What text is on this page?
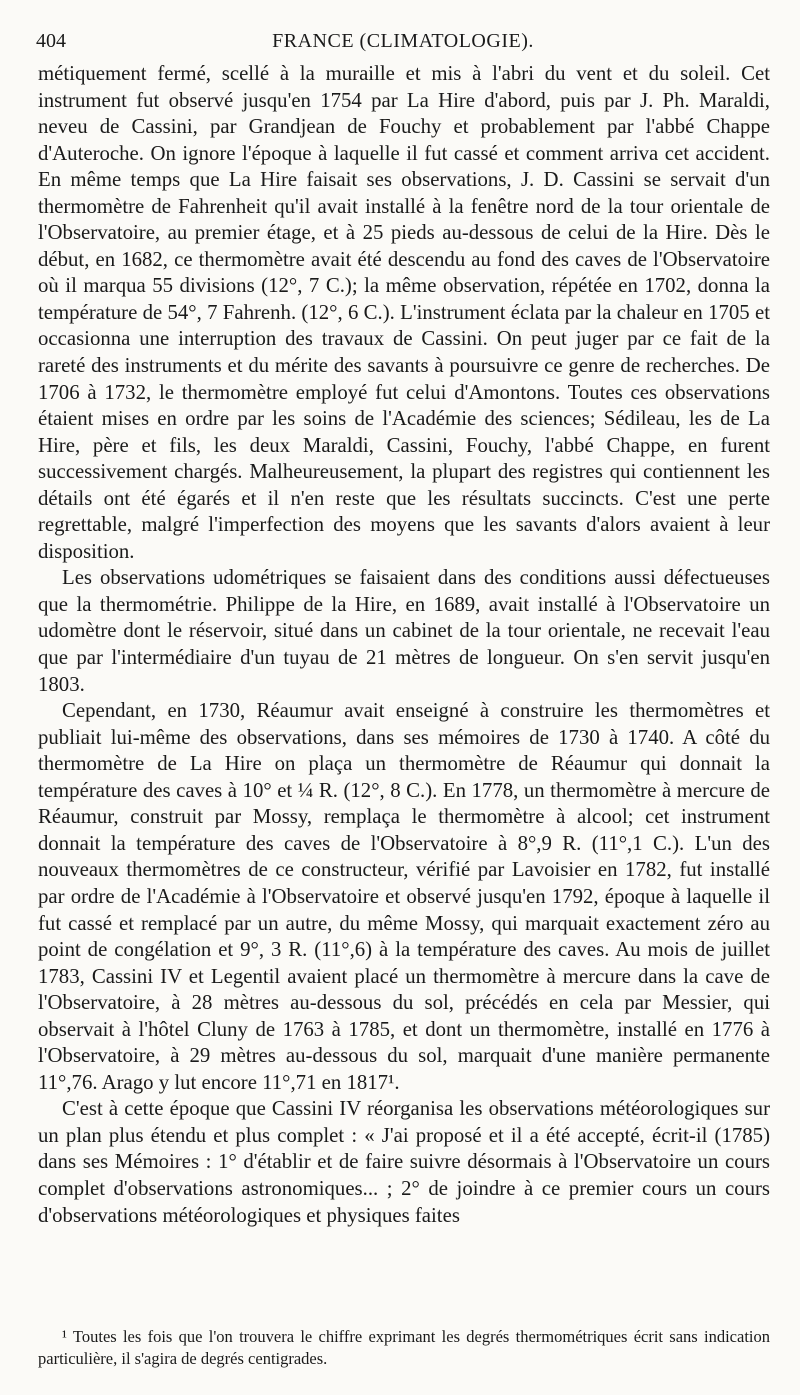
404	FRANCE (CLIMATOLOGIE).

métiquement fermé, scellé à la muraille et mis à l'abri du vent et du soleil. Cet instrument fut observé jusqu'en 1754 par La Hire d'abord, puis par J. Ph. Maraldi, neveu de Cassini, par Grandjean de Fouchy et probablement par l'abbé Chappe d'Auteroche. On ignore l'époque à laquelle il fut cassé et comment arriva cet accident. En même temps que La Hire faisait ses observations, J. D. Cassini se servait d'un thermomètre de Fahrenheit qu'il avait installé à la fenêtre nord de la tour orientale de l'Observatoire, au premier étage, et à 25 pieds au-dessous de celui de la Hire. Dès le début, en 1682, ce thermomètre avait été descendu au fond des caves de l'Observatoire où il marqua 55 divisions (12°, 7 C.); la même observation, répétée en 1702, donna la température de 54°, 7 Fahrenh. (12°, 6 C.). L'instrument éclata par la chaleur en 1705 et occasionna une interruption des travaux de Cassini. On peut juger par ce fait de la rareté des instruments et du mérite des savants à poursuivre ce genre de recherches. De 1706 à 1732, le thermomètre employé fut celui d'Amontons. Toutes ces observations étaient mises en ordre par les soins de l'Académie des sciences; Sédileau, les de La Hire, père et fils, les deux Maraldi, Cassini, Fouchy, l'abbé Chappe, en furent successivement chargés. Malheureusement, la plupart des registres qui contiennent les détails ont été égarés et il n'en reste que les résultats succincts. C'est une perte regrettable, malgré l'imperfection des moyens que les savants d'alors avaient à leur disposition.

Les observations udométriques se faisaient dans des conditions aussi défectueuses que la thermométrie. Philippe de la Hire, en 1689, avait installé à l'Observatoire un udomètre dont le réservoir, situé dans un cabinet de la tour orientale, ne recevait l'eau que par l'intermédiaire d'un tuyau de 21 mètres de longueur. On s'en servit jusqu'en 1803.

Cependant, en 1730, Réaumur avait enseigné à construire les thermomètres et publiait lui-même des observations, dans ses mémoires de 1730 à 1740. A côté du thermomètre de La Hire on plaça un thermomètre de Réaumur qui donnait la température des caves à 10° et ¼ R. (12°, 8 C.). En 1778, un thermomètre à mercure de Réaumur, construit par Mossy, remplaça le thermomètre à alcool; cet instrument donnait la température des caves de l'Observatoire à 8°,9 R. (11°,1 C.). L'un des nouveaux thermomètres de ce constructeur, vérifié par Lavoisier en 1782, fut installé par ordre de l'Académie à l'Observatoire et observé jusqu'en 1792, époque à laquelle il fut cassé et remplacé par un autre, du même Mossy, qui marquait exactement zéro au point de congélation et 9°, 3 R. (11°,6) à la température des caves. Au mois de juillet 1783, Cassini IV et Legentil avaient placé un thermomètre à mercure dans la cave de l'Observatoire, à 28 mètres au-dessous du sol, précédés en cela par Messier, qui observait à l'hôtel Cluny de 1763 à 1785, et dont un thermomètre, installé en 1776 à l'Observatoire, à 29 mètres au-dessous du sol, marquait d'une manière permanente 11°,76. Arago y lut encore 11°,71 en 1817¹.

C'est à cette époque que Cassini IV réorganisa les observations météorologiques sur un plan plus étendu et plus complet : « J'ai proposé et il a été accepté, écrit-il (1785) dans ses Mémoires : 1° d'établir et de faire suivre désormais à l'Observatoire un cours complet d'observations astronomiques... ; 2° de joindre à ce premier cours un cours d'observations météorologiques et physiques faites

¹ Toutes les fois que l'on trouvera le chiffre exprimant les degrés thermométriques écrit sans indication particulière, il s'agira de degrés centigrades.
